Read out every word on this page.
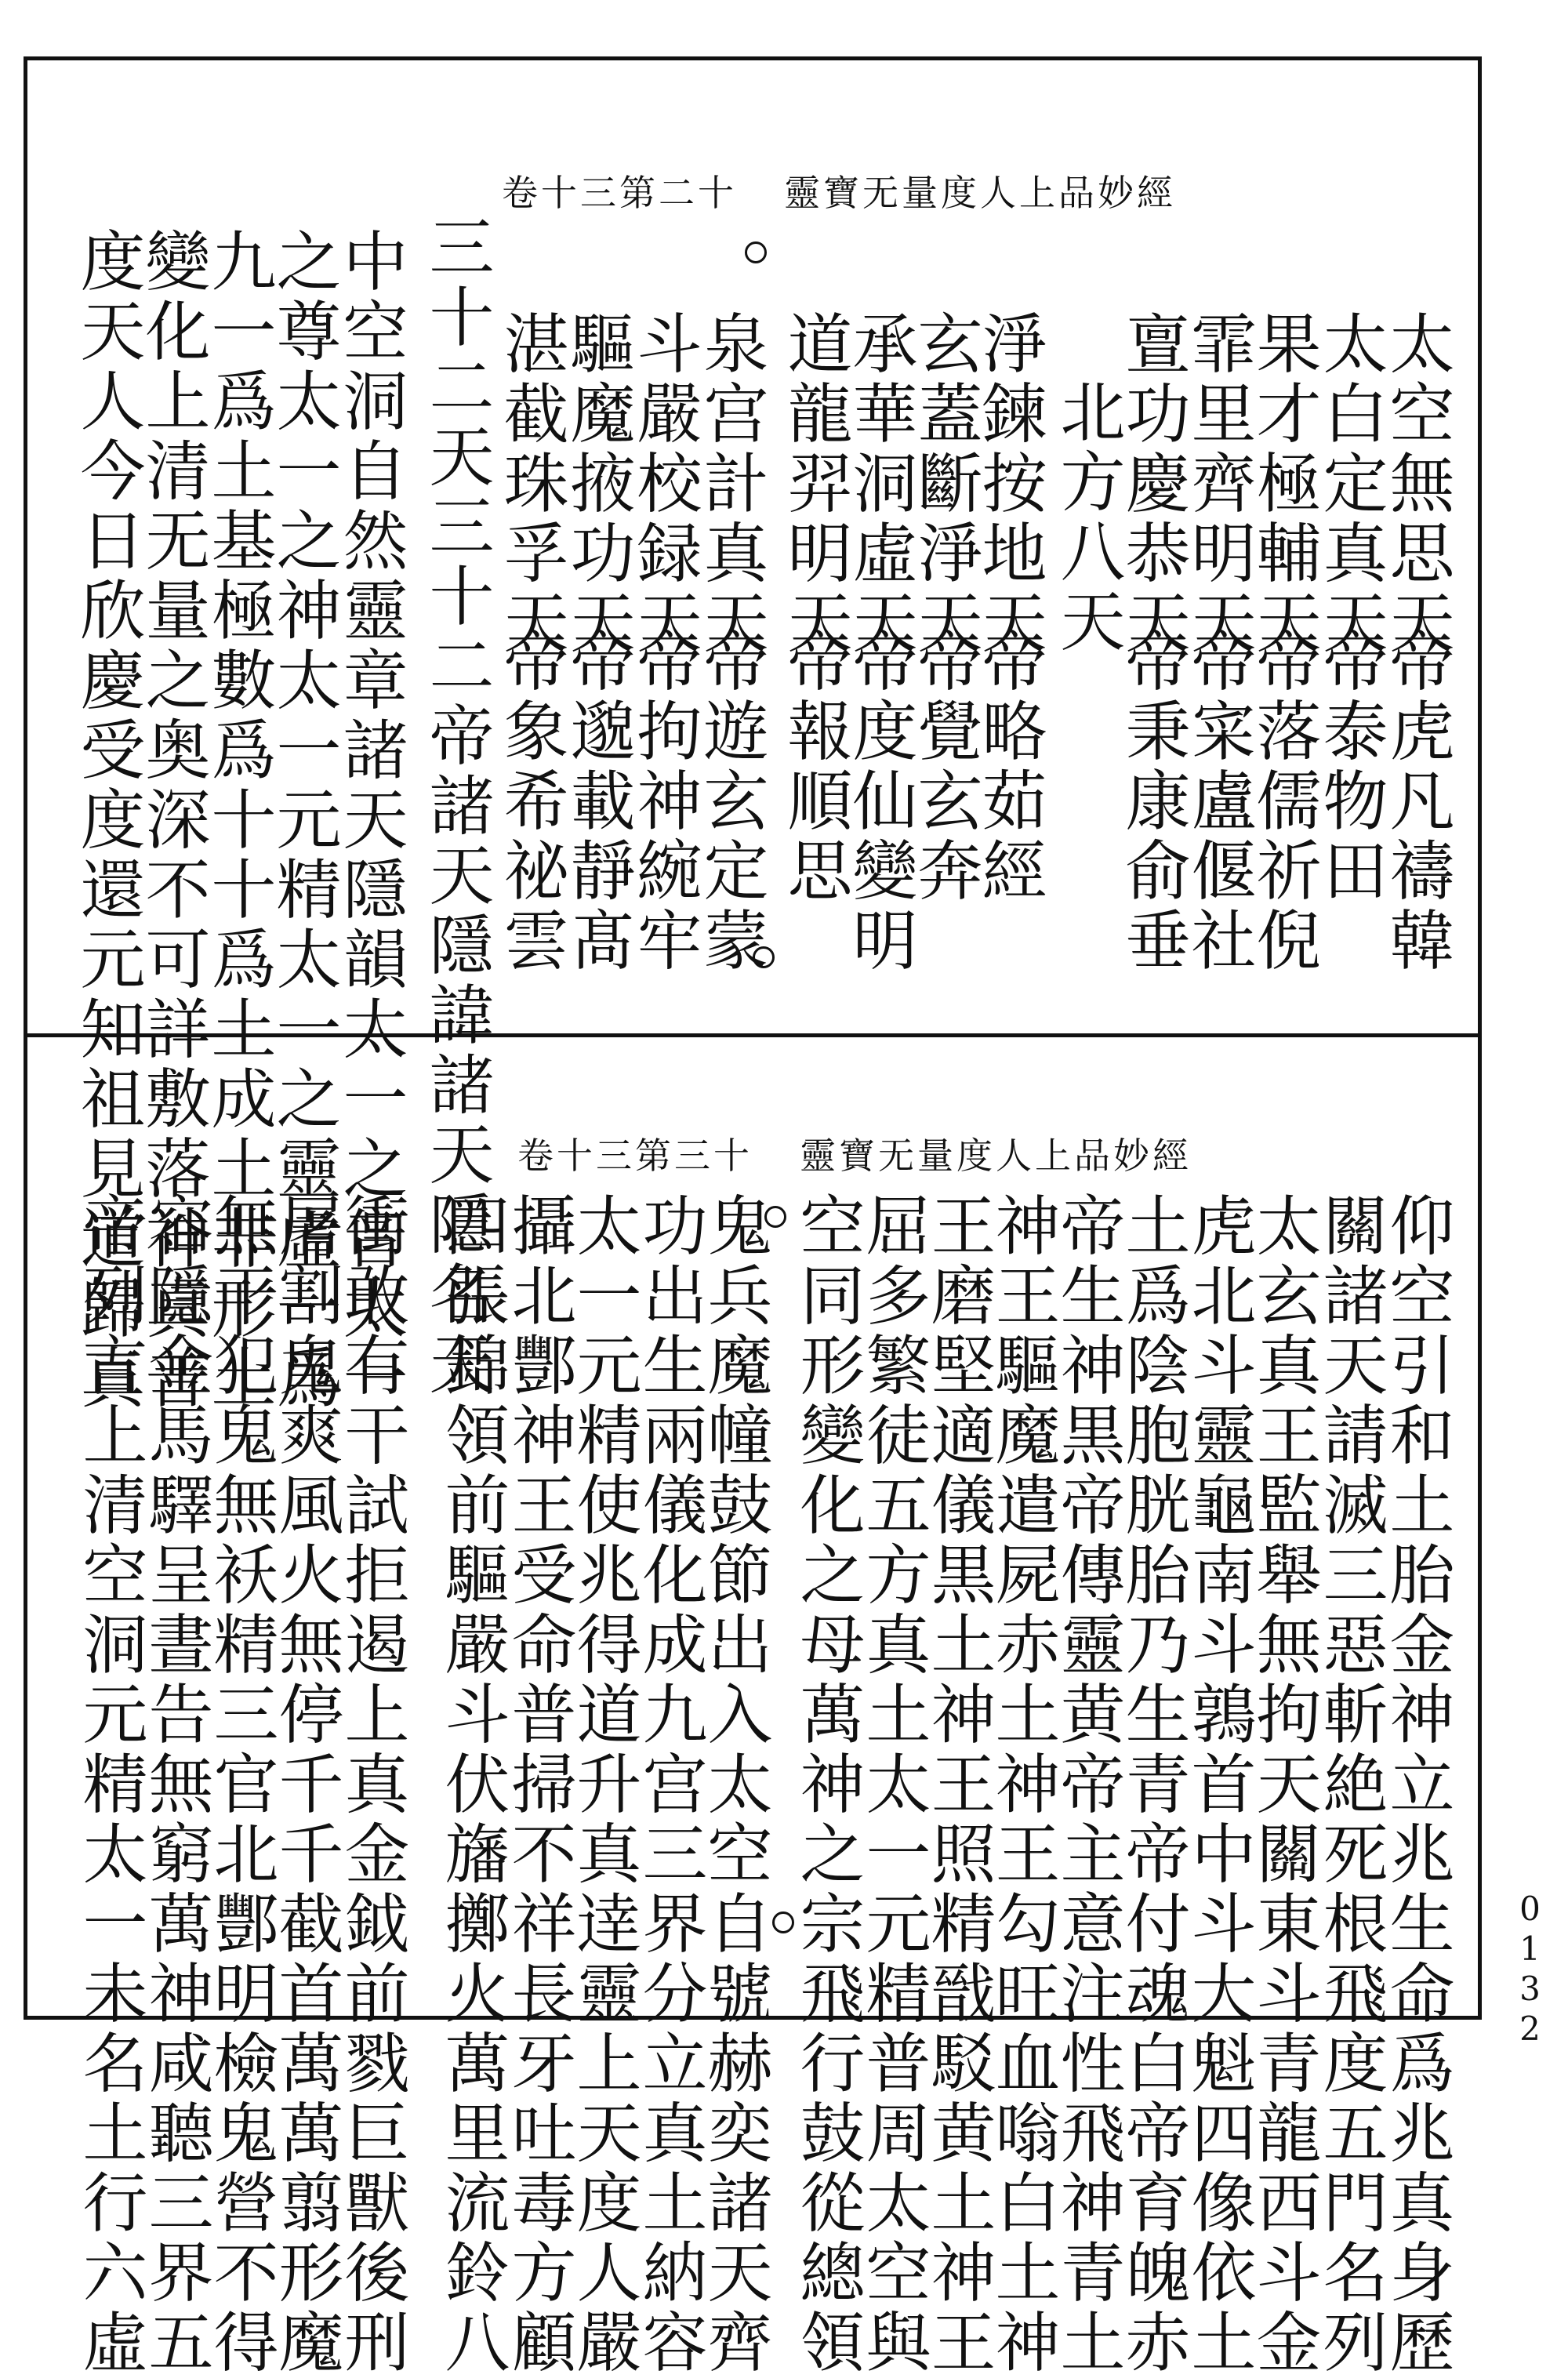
靈寶无量度人上品妙經
卷十三第二十
太空無思天
太白定真天
果才極輔天
霏里齊明天
亶功慶恭天
北方八天
淨鍊按地天
玄蓋斷淨天
承華洞虛天
道龍羿明天
泉宫計真天
斗嚴校録天
驅魔掖功天
湛截珠孚天
三十二天三十二帝諸天隱諱諸天隱名天
中空洞自然靈章諸天隱韻太一之音太一
之尊太一之神太一元精太一之靈虛一爲
九一爲土基極數爲十十爲土成土非形土
變化上清无量之奥深不可詳敷落神真普
度天人今日欣慶受度還元知祖見道歸真	帝虎凡禱韓
帝泰物田
帝落儒祈倪
帝寀盧偃社
帝秉康俞垂
帝略茹經
帝覺玄奔
帝度仙變明
帝報順思
帝遊玄定蒙
帝拘神綩牢
帝邈載靜髙
帝象希祕雲
靈寶无量度人上品妙經
卷十三第三十
仰空引和土胎金神立兆生命爲兆真身歷
關諸天請滅三惡斬絶死根飛度五門名列
太玄真王監舉無拘天關東斗青龍西斗金
虎北斗靈龜南斗鶉首中斗大魁四像依土
土爲陰胞胱胎乃生青帝付魂白帝育魄赤
帝生神黒帝傳靈黄帝主意注性飛神青土
神王驅魔遣屍赤土神王勾旺血嗡白土神
王磨堅適儀黒土神王照精戩駁黄土神王
屈多繁徒五方真土太一元精普周太空與
空同形變化之母萬神之宗飛行鼓從總領
鬼兵魔幢鼓節出入太空自號赫奕諸天齊
功出生兩儀化成九宫三界分立真土納容
太一元精使兆得道升真逹靈上天度人嚴
攝北酆神王受命普掃不祥長牙吐毒方顧
四張錦領前驅嚴斗伏旛擲火萬里流鈴八
衝敢有干試拒遏上真金鉞前戮巨獸後刑
屠割鬼爽風火無停千千截首萬萬翦形魔
無干犯鬼無袄精三官北酆明檢鬼營不得
容隱金馬驛呈晝告無窮萬神咸聽三界五
帝列言上清空洞元精太一未名土行六虛	0132
